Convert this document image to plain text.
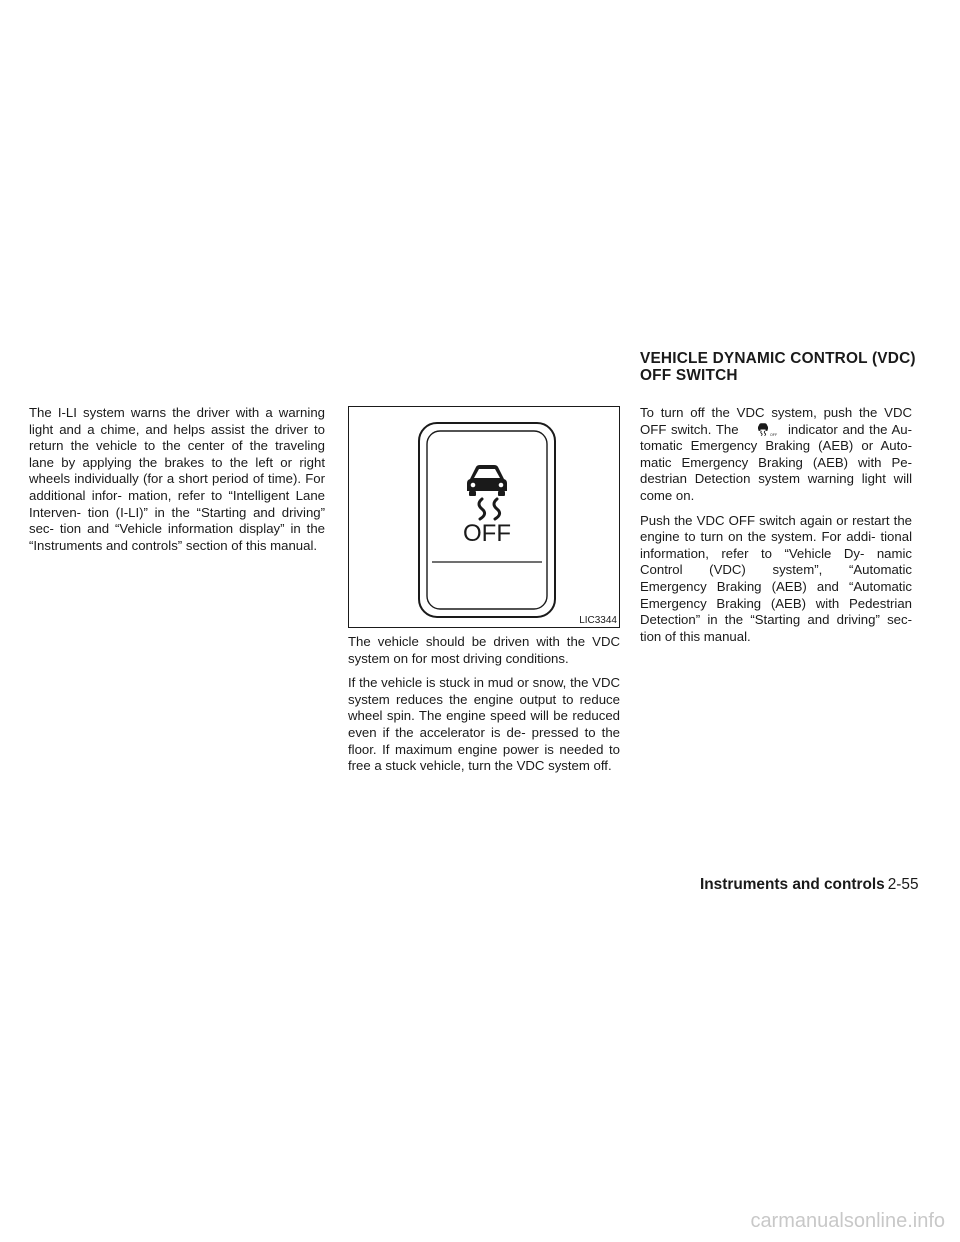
VEHICLE DYNAMIC CONTROL (VDC)
OFF SWITCH

The I-LI system warns the driver with a warning light and a chime, and helps assist the driver to return the vehicle to the center of the traveling lane by applying the brakes to the left or right wheels individually (for a short period of time). For additional infor- mation, refer to “Intelligent Lane Interven- tion (I-LI)” in the “Starting and driving” sec- tion and “Vehicle information display” in the “Instruments and controls” section of this manual.	OFF
LIC3344

The vehicle should be driven with the VDC system on for most driving conditions.

If the vehicle is stuck in mud or snow, the VDC system reduces the engine output to reduce wheel spin. The engine speed will be reduced even if the accelerator is de- pressed to the floor. If maximum engine power is needed to free a stuck vehicle, turn the VDC system off.

To turn off the VDC system, push the VDC OFF switch. The	OFF indicator and the Au- tomatic Emergency Braking (AEB) or Auto- matic Emergency Braking (AEB) with Pe- destrian Detection system warning light will come on.

Push the VDC OFF switch again or restart the engine to turn on the system. For addi- tional information, refer to “Vehicle Dy- namic Control (VDC) system”, “Automatic Emergency Braking (AEB) and “Automatic Emergency Braking (AEB) with Pedestrian Detection” in the “Starting and driving” sec- tion of this manual.

Instruments and controls 2-55
carmanualsonline.info
